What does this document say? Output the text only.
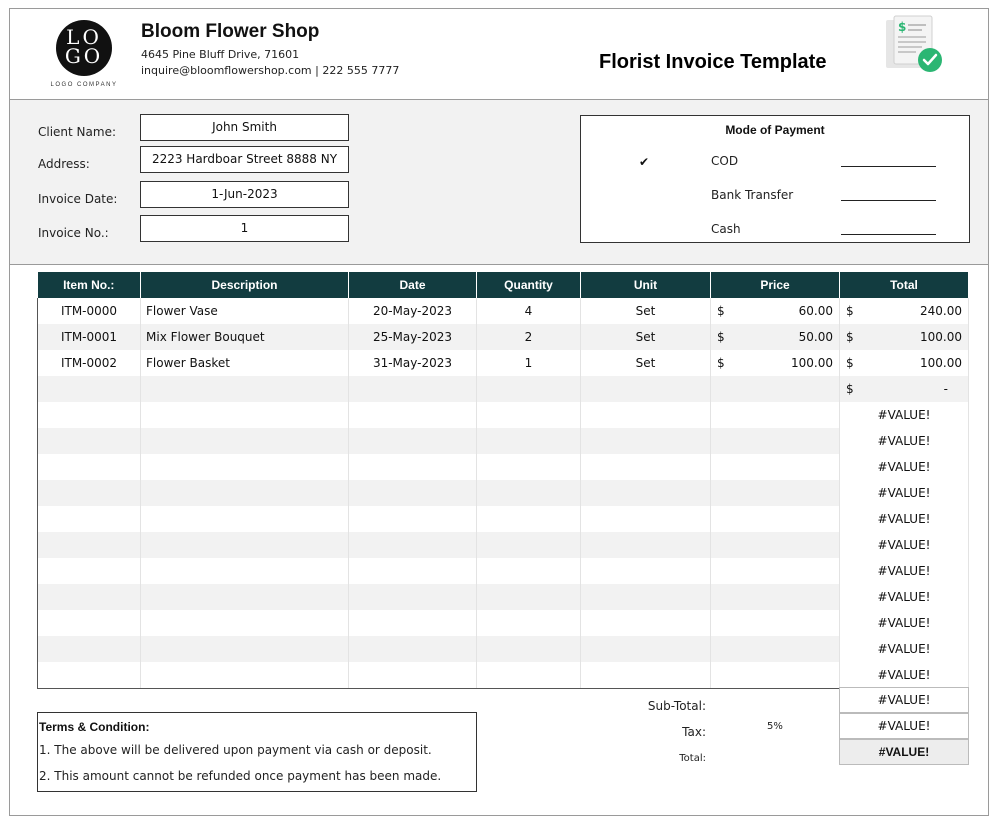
LO
GO
LOGO COMPANY
Bloom Flower Shop
4645 Pine Bluff Drive, 71601
inquire@bloomflowershop.com | 222 555 7777	Florist Invoice Template
$
Client Name:	John Smith
Address:	2223 Hardboar Street 8888 NY
Invoice Date:	1-Jun-2023
Invoice No.:	1
Mode of Payment
✔	COD
Bank Transfer
Cash
Item No.:	Description	Date	Quantity	Unit	Price	Total
ITM-0000	Flower Vase	20-May-2023	4	Set	$ 60.00	$ 240.00

ITM-0001	Mix Flower Bouquet	25-May-2023	2	Set	$ 50.00	$ 100.00

ITM-0002	Flower Basket	31-May-2023	1	Set	$ 100.00	$ 100.00

						$ -

						#VALUE!
						#VALUE!
						#VALUE!
						#VALUE!
						#VALUE!
						#VALUE!
						#VALUE!
						#VALUE!
						#VALUE!
						#VALUE!
						#VALUE!
Sub-Total:	#VALUE!
Tax:	5%	#VALUE!
Total:	#VALUE!
Terms & Condition:
1. The above will be delivered upon payment via cash or deposit.
2. This amount cannot be refunded once payment has been made.
